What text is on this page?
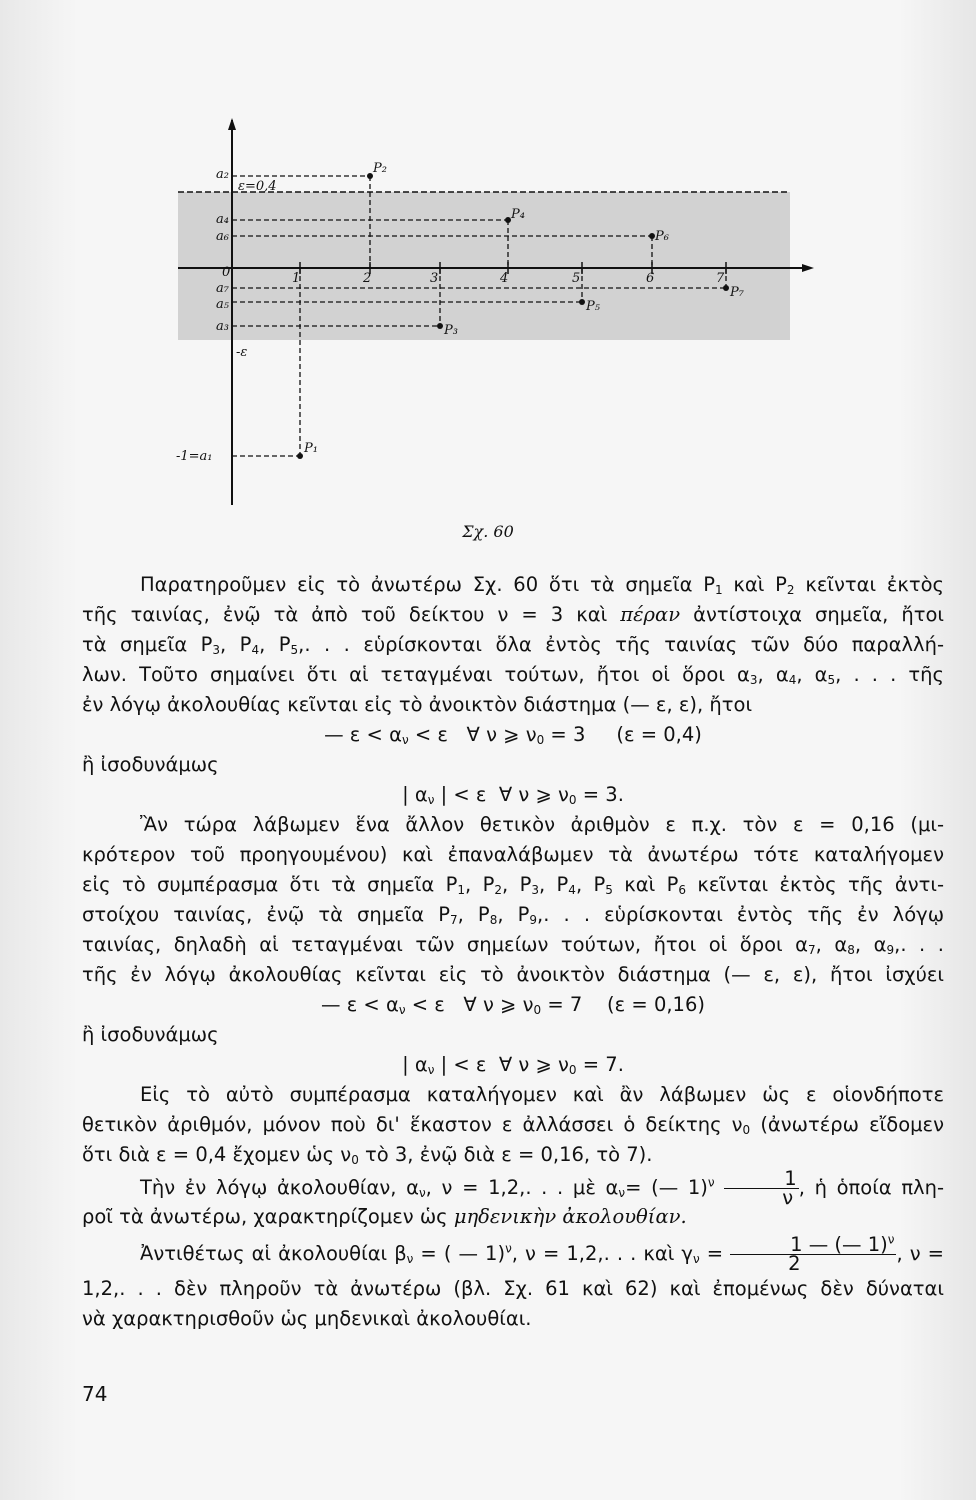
a₂
ε=0,4
a₄
a₆
0
a₇
a₅
a₃
-ε
-1=a₁
1	2	3	4	5	6	7
P₂
P₄
P₆
P₇
P₅
P₃
P₁
Σχ. 60
Παρατηροῦμεν εἰς τὸ ἀνωτέρω Σχ. 60 ὅτι τὰ σημεῖα $P_1$ καὶ $P_2$ κεῖνται ἐκτὸς
τῆς ταινίας, ἐνῷ τὰ ἀπὸ τοῦ δείκτου ν = 3 καὶ πέραν ἀντίστοιχα σημεῖα, ἤτοι
τὰ σημεῖα $P_3$, $P_4$, $P_5$,. . . εὑρίσκονται ὅλα ἐντὸς τῆς ταινίας τῶν δύο παραλλή-
λων. Τοῦτο σημαίνει ὅτι αἱ τεταγμέναι τούτων, ἤτοι οἱ ὅροι $\alpha_3$, $\alpha_4$, $\alpha_5$, . . . τῆς
ἐν λόγῳ ἀκολουθίας κεῖνται εἰς τὸ ἀνοικτὸν διάστημα (— ε, ε), ἤτοι
— $\varepsilon < \alpha_\nu < \varepsilon$   ∀ ν ⩾ $\nu_0 = 3$     (ε = 0,4)
ἢ ἰσοδυνάμως
| $\alpha_\nu$ | < ε  ∀ ν ⩾ $\nu_0 = 3$.
Ἂν τώρα λάβωμεν ἕνα ἄλλον θετικὸν ἀριθμὸν ε π.χ. τὸν ε = 0,16 (μι-
κρότερον τοῦ προηγουμένου) καὶ ἐπαναλάβωμεν τὰ ἀνωτέρω τότε καταλήγομεν
εἰς τὸ συμπέρασμα ὅτι τὰ σημεῖα $P_1$, $P_2$, $P_3$, $P_4$, $P_5$ καὶ $P_6$ κεῖνται ἐκτὸς τῆς ἀντι-
στοίχου ταινίας, ἐνῷ τὰ σημεῖα $P_7$, $P_8$, $P_9$,. . . εὑρίσκονται ἐντὸς τῆς ἐν λόγῳ
ταινίας, δηλαδὴ αἱ τεταγμέναι τῶν σημείων τούτων, ἤτοι οἱ ὅροι $\alpha_7$, $\alpha_8$, $\alpha_9$,. . .
τῆς ἐν λόγῳ ἀκολουθίας κεῖνται εἰς τὸ ἀνοικτὸν διάστημα (— ε, ε), ἤτοι ἰσχύει
— $\varepsilon < \alpha_\nu < \varepsilon$   ∀ ν ⩾ $\nu_0 = 7$    (ε = 0,16)
ἢ ἰσοδυνάμως
| $\alpha_\nu$ | < ε  ∀ ν ⩾ $\nu_0 = 7$.
Εἰς τὸ αὐτὸ συμπέρασμα καταλήγομεν καὶ ἂν λάβωμεν ὡς ε οἱονδήποτε
θετικὸν ἀριθμόν, μόνον ποὺ δι' ἕκαστον ε ἀλλάσσει ὁ δείκτης $\nu_0$ (ἀνωτέρω εἴδομεν
ὅτι διὰ ε = 0,4 ἔχομεν ὡς $\nu_0$ τὸ 3, ἐνῷ διὰ ε = 0,16, τὸ 7).
Τὴν ἐν λόγῳ ἀκολουθίαν, $\alpha_\nu$, ν = 1,2,. . . μὲ $\alpha_\nu=$ (— $1)^\nu \frac{1}{\nu}$ , ἡ ὁποία πλη-
ροῖ τὰ ἀνωτέρω, χαρακτηρίζομεν ὡς μηδενικὴν ἀκολουθίαν.
Ἀντιθέτως αἱ ἀκολουθίαι $\beta_\nu$ = ( — 1)$^\nu$, ν = 1,2,. . . καὶ $\gamma_\nu = \frac{1 — (— 1)^\nu}{2}$ , ν =
1,2,. . . δὲν πληροῦν τὰ ἀνωτέρω (βλ. Σχ. 61 καὶ 62) καὶ ἐπομένως δὲν δύναται
νὰ χαρακτηρισθοῦν ὡς μηδενικαὶ ἀκολουθίαι.
74
